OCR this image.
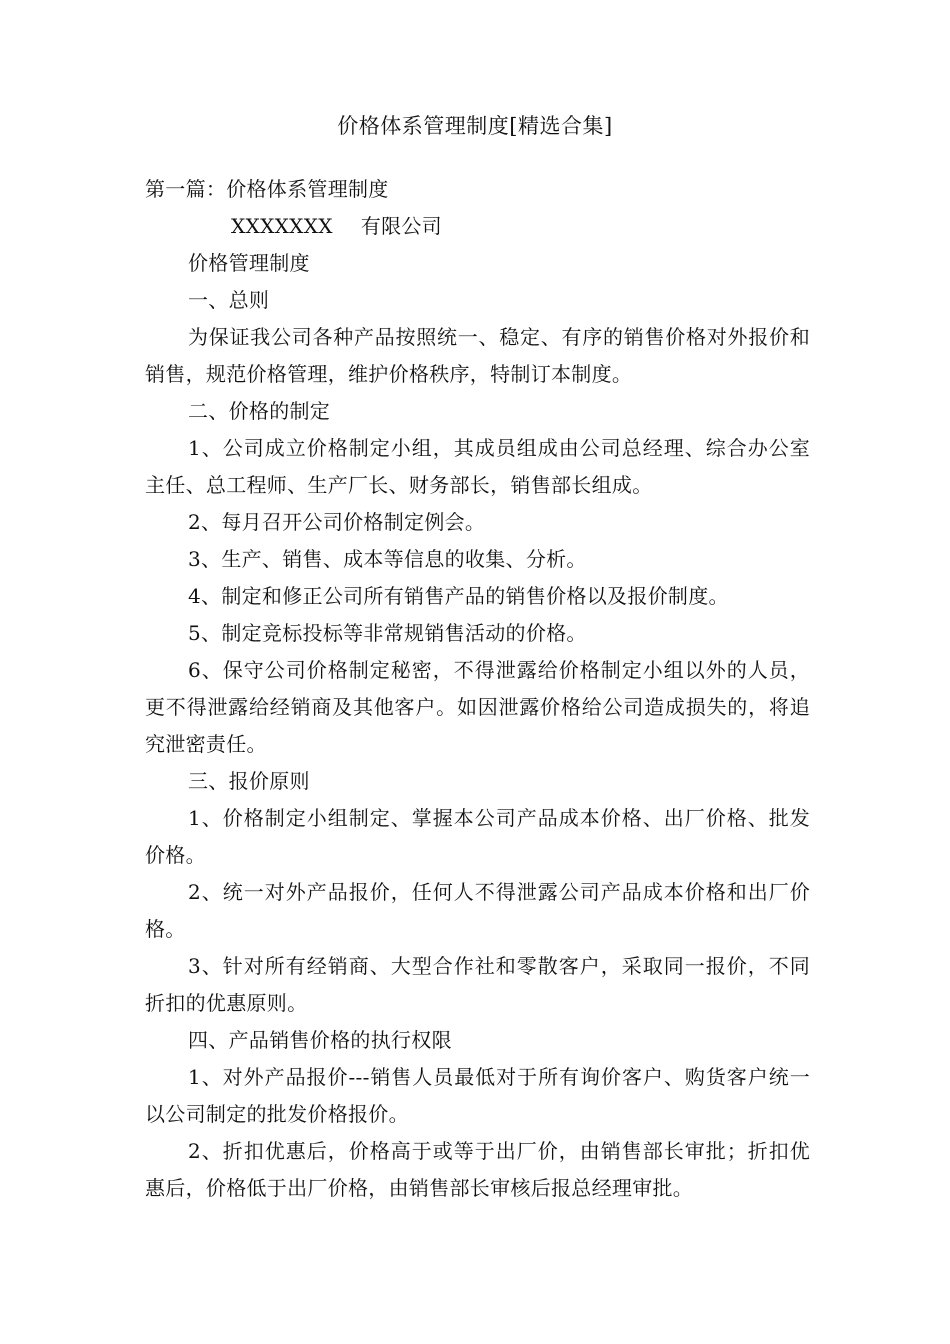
价格体系管理制度[精选合集]

第一篇：价格体系管理制度

XXXXXXX 有限公司

价格管理制度

一、总则

为保证我公司各种产品按照统一、稳定、有序的销售价格对外报价和销售，规范价格管理，维护价格秩序，特制订本制度。

二、价格的制定

1、公司成立价格制定小组，其成员组成由公司总经理、综合办公室主任、总工程师、生产厂长、财务部长，销售部长组成。

2、每月召开公司价格制定例会。

3、生产、销售、成本等信息的收集、分析。

4、制定和修正公司所有销售产品的销售价格以及报价制度。

5、制定竞标投标等非常规销售活动的价格。

6、保守公司价格制定秘密，不得泄露给价格制定小组以外的人员，更不得泄露给经销商及其他客户。如因泄露价格给公司造成损失的，将追究泄密责任。

三、报价原则

1、价格制定小组制定、掌握本公司产品成本价格、出厂价格、批发价格。

2、统一对外产品报价，任何人不得泄露公司产品成本价格和出厂价格。

3、针对所有经销商、大型合作社和零散客户，采取同一报价，不同折扣的优惠原则。

四、产品销售价格的执行权限

1、对外产品报价---销售人员最低对于所有询价客户、购货客户统一以公司制定的批发价格报价。

2、折扣优惠后，价格高于或等于出厂价，由销售部长审批；折扣优惠后，价格低于出厂价格，由销售部长审核后报总经理审批。
